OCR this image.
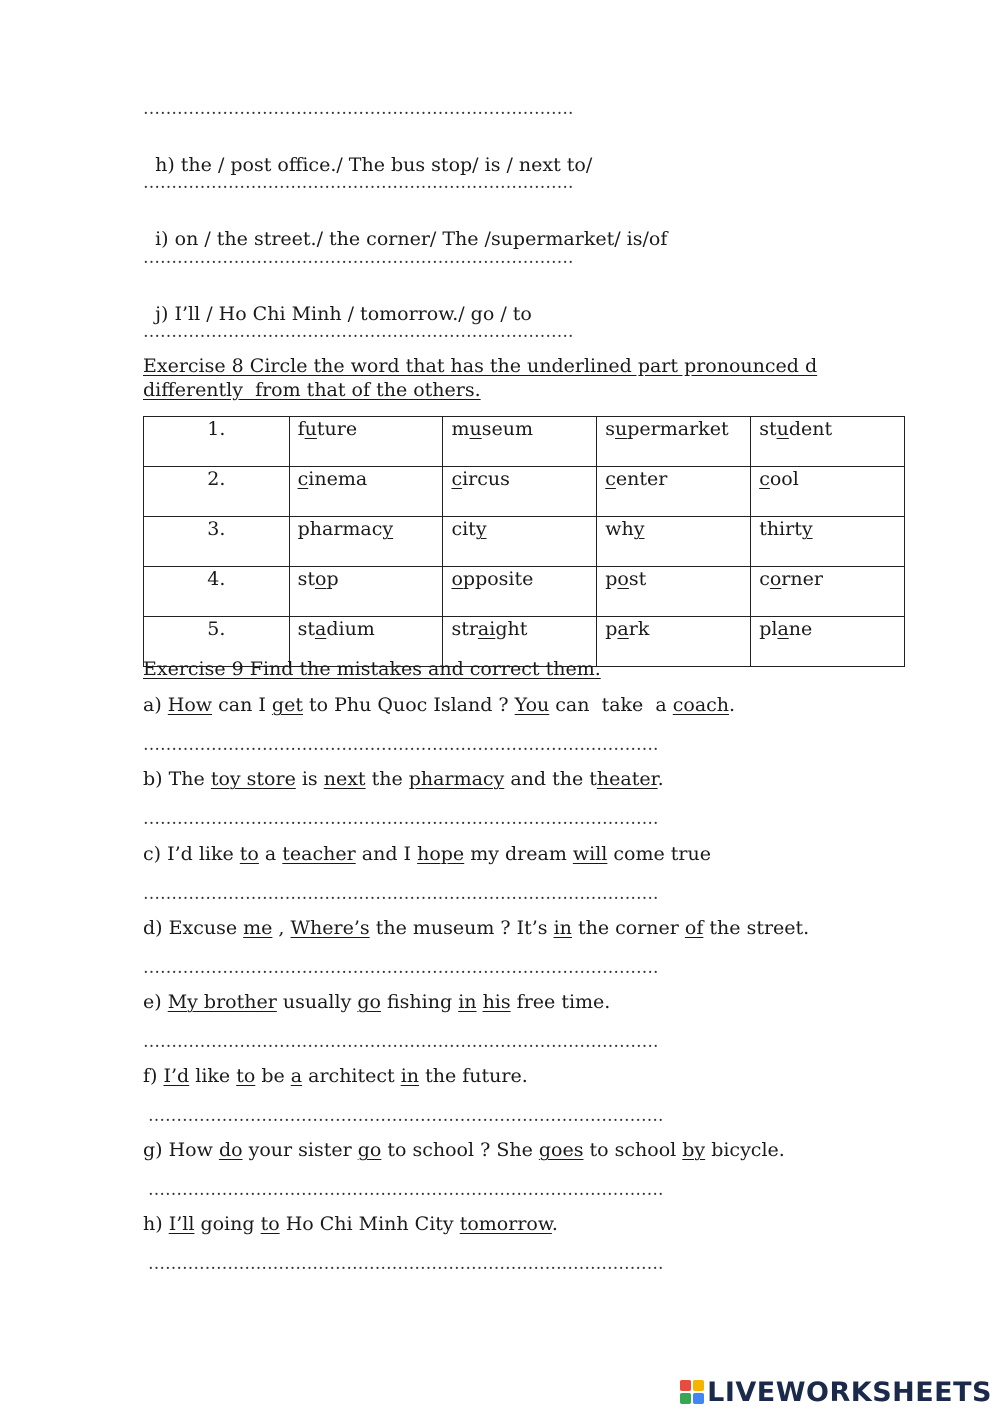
………………………………………………………………….

h) the / post office./ The bus stop/ is / next to/

………………………………………………………………….

i) on / the street./ the corner/ The /supermarket/ is/of

………………………………………………………………….

j) I’ll / Ho Chi Minh / tomorrow./ go / to

………………………………………………………………….
Exercise 8 Circle the word that has the underlined part pronounced d
differently  from that of the others.
1.	future	museum	supermarket	student
2.	cinema	circus	center	cool
3.	pharmacy	city	why	thirty
4.	stop	opposite	post	corner
5.	stadium	straight	park	plane
Exercise 9 Find the mistakes and correct them.
a) How can I get to Phu Quoc Island ? You can  take  a coach.
……………………………………………………………………………….
b) The toy store is next the pharmacy and the theater.
……………………………………………………………………………….
c) I’d like to a teacher and I hope my dream will come true
……………………………………………………………………………….
d) Excuse me , Where’s the museum ? It’s in the corner of the street.
……………………………………………………………………………….
e) My brother usually go fishing in his free time.
……………………………………………………………………………….
f) I’d like to be a architect in the future.
……………………………………………………………………………….
g) How do your sister go to school ? She goes to school by bicycle.
……………………………………………………………………………….
h) I’ll going to Ho Chi Minh City tomorrow.
……………………………………………………………………………….
LIVEWORKSHEETS
